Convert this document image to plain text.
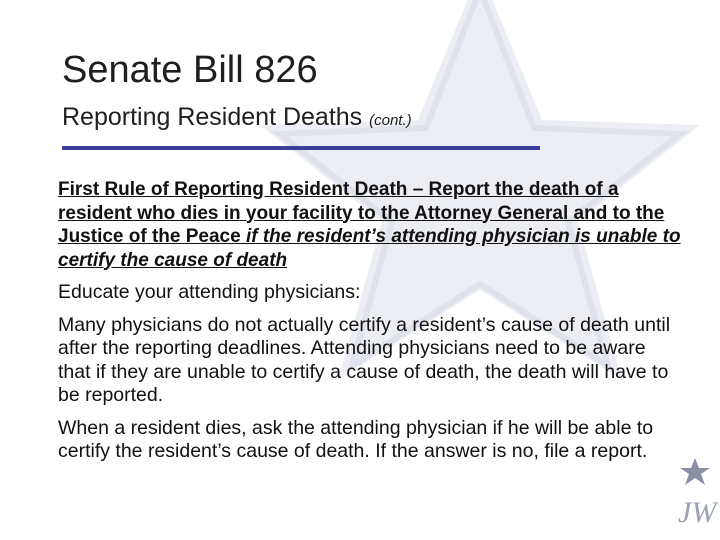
JW
Senate Bill 826
Reporting Resident Deaths (cont.)

First Rule of Reporting Resident Death – Report the death of a resident who dies in your facility to the Attorney General and to the Justice of the Peace if the resident’s attending physician is unable to certify the cause of death

Educate your attending physicians:

Many physicians do not actually certify a resident’s cause of death until after the reporting deadlines. Attending physicians need to be aware that if they are unable to certify a cause of death, the death will have to be reported.

When a resident dies, ask the attending physician if he will be able to certify the resident’s cause of death. If the answer is no, file a report.
